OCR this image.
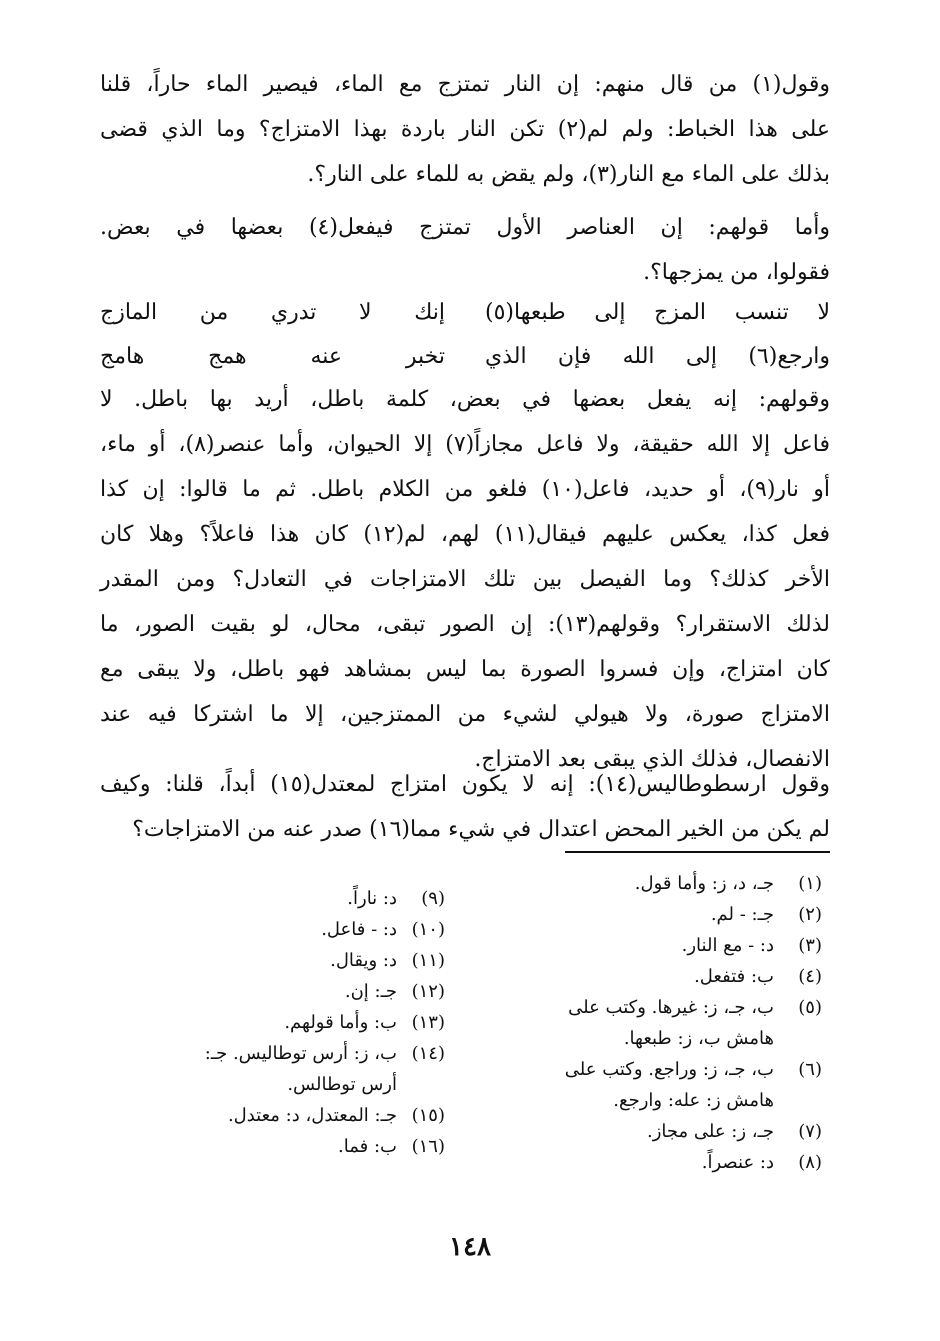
وقول(١) من قال منهم: إن النار تمتزج مع الماء، فيصير الماء حاراً، قلنا
على هذا الخباط: ولم لم(٢) تكن النار باردة بهذا الامتزاج؟ وما الذي قضى
بذلك على الماء مع النار(٣)، ولم يقض به للماء على النار؟.
وأما قولهم: إن العناصر الأول تمتزج فيفعل(٤) بعضها في بعض.
فقولوا، من يمزجها؟.
لا تنسب المزج إلى طبعها(٥)
إنك لا تدري من المازج
وارجع(٦) إلى الله فإن الذي
تخبر عنه همج هامج
وقولهم: إنه يفعل بعضها في بعض، كلمة باطل، أريد بها باطل. لا
فاعل إلا الله حقيقة، ولا فاعل مجازاً(٧) إلا الحيوان، وأما عنصر(٨)، أو ماء،
أو نار(٩)، أو حديد، فاعل(١٠) فلغو من الكلام باطل. ثم ما قالوا: إن كذا
فعل كذا، يعكس عليهم فيقال(١١) لهم، لم(١٢) كان هذا فاعلاً؟ وهلا كان
الأخر كذلك؟ وما الفيصل بين تلك الامتزاجات في التعادل؟ ومن المقدر
لذلك الاستقرار؟ وقولهم(١٣): إن الصور تبقى، محال، لو بقيت الصور، ما
كان امتزاج، وإن فسروا الصورة بما ليس بمشاهد فهو باطل، ولا يبقى مع
الامتزاج صورة، ولا هيولي لشيء من الممتزجين، إلا ما اشتركا فيه عند
الانفصال، فذلك الذي يبقى بعد الامتزاج.
وقول ارسطوطاليس(١٤): إنه لا يكون امتزاج لمعتدل(١٥) أبداً، قلنا: وكيف
لم يكن من الخير المحض اعتدال في شيء مما(١٦) صدر عنه من الامتزاجات؟
(١)
جـ، د، ز: وأما قول.
(٢)
جـ: - لم.
(٣)
د: - مع النار.
(٤)
ب: فتفعل.
(٥)
ب، جـ، ز: غيرها. وكتب على
هامش ب، ز: طبعها.
(٦)
ب، جـ، ز: وراجع. وكتب على
هامش ز: عله: وارجع.
(٧)
جـ، ز: على مجاز.
(٨)
د: عنصراً.
(٩)
د: ناراً.
(١٠)
د: - فاعل.
(١١)
د: ويقال.
(١٢)
جـ: إن.
(١٣)
ب: وأما قولهم.
(١٤)
ب، ز: أرس توطاليس. جـ:
أرس توطالس.
(١٥)
جـ: المعتدل، د: معتدل.
(١٦)
ب: فما.
١٤٨
